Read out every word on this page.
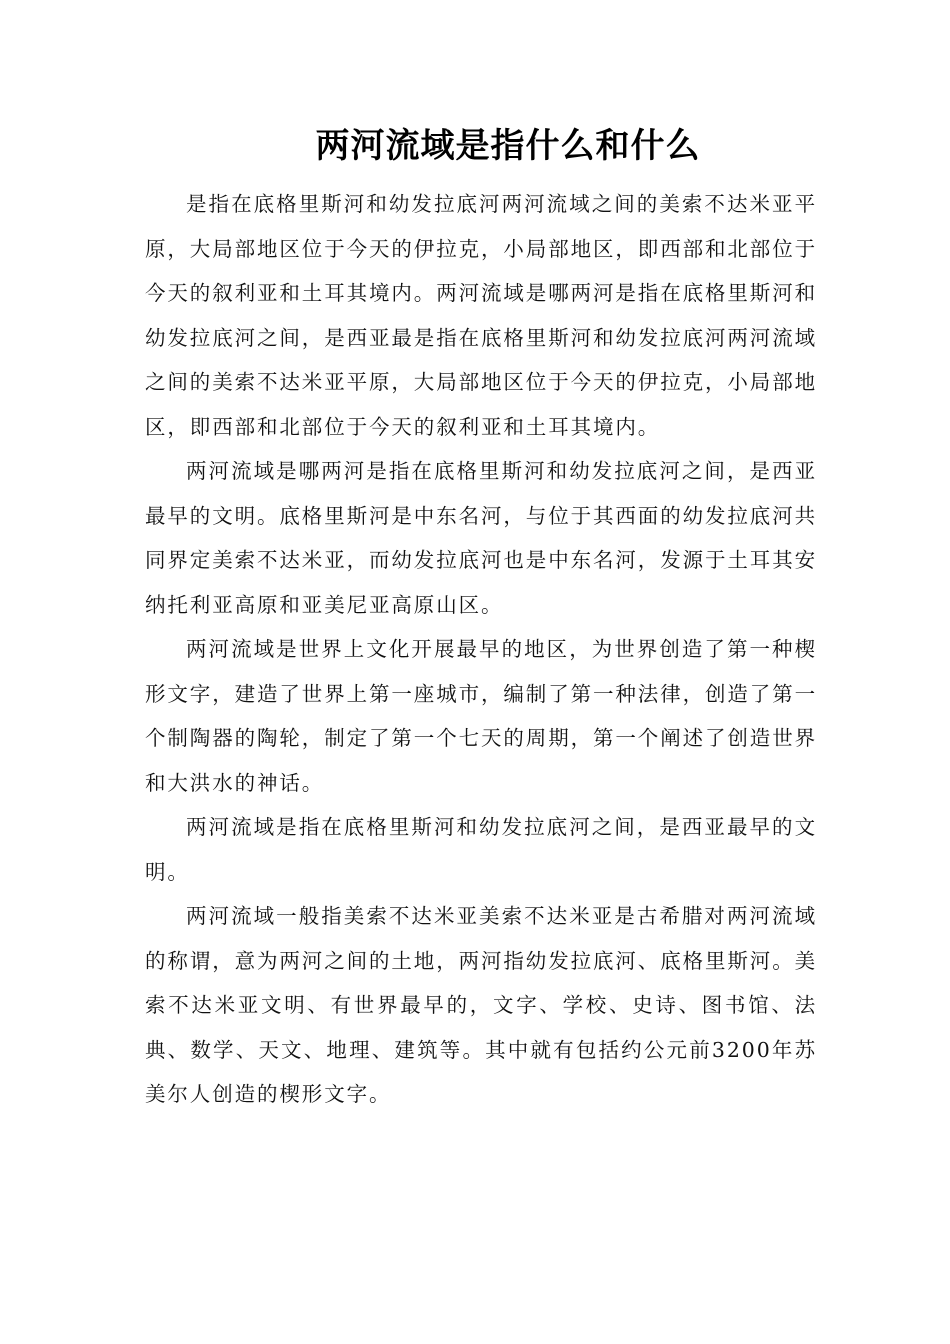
两河流域是指什么和什么

是指在底格里斯河和幼发拉底河两河流域之间的美索不达米亚平原，大局部地区位于今天的伊拉克，小局部地区，即西部和北部位于今天的叙利亚和土耳其境内。两河流域是哪两河是指在底格里斯河和幼发拉底河之间，是西亚最是指在底格里斯河和幼发拉底河两河流域之间的美索不达米亚平原，大局部地区位于今天的伊拉克，小局部地区，即西部和北部位于今天的叙利亚和土耳其境内。

两河流域是哪两河是指在底格里斯河和幼发拉底河之间，是西亚最早的文明。底格里斯河是中东名河，与位于其西面的幼发拉底河共同界定美索不达米亚，而幼发拉底河也是中东名河，发源于土耳其安纳托利亚高原和亚美尼亚高原山区。

两河流域是世界上文化开展最早的地区，为世界创造了第一种楔形文字，建造了世界上第一座城市，编制了第一种法律，创造了第一个制陶器的陶轮，制定了第一个七天的周期，第一个阐述了创造世界和大洪水的神话。

两河流域是指在底格里斯河和幼发拉底河之间，是西亚最早的文明。

两河流域一般指美索不达米亚美索不达米亚是古希腊对两河流域的称谓，意为两河之间的土地，两河指幼发拉底河、底格里斯河。美索不达米亚文明、有世界最早的，文字、学校、史诗、图书馆、法典、数学、天文、地理、建筑等。其中就有包括约公元前3200年苏美尔人创造的楔形文字。
